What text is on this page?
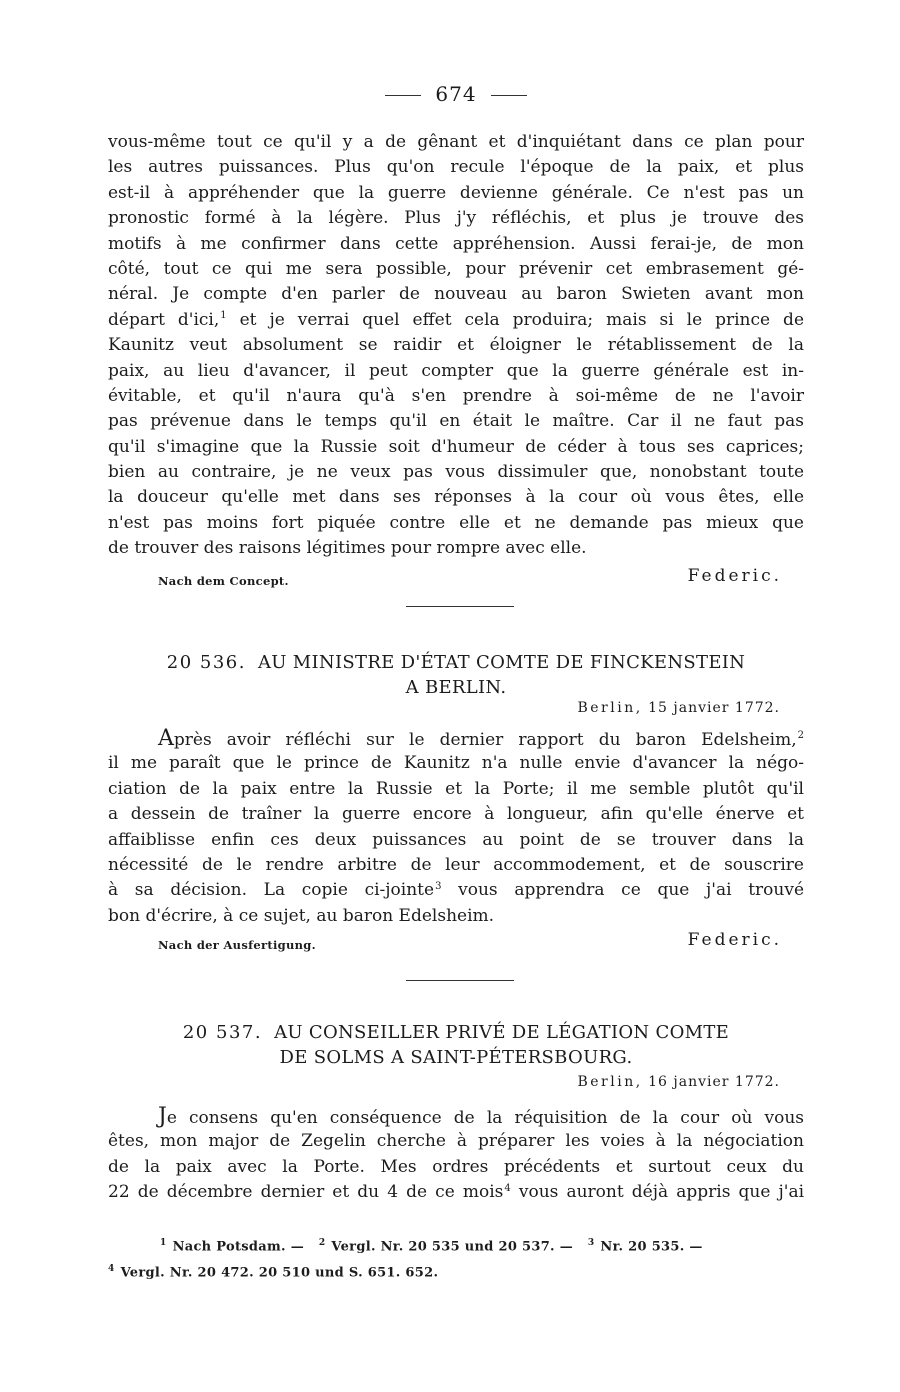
674
vous-même tout ce qu'il y a de gênant et d'inquiétant dans ce plan pour
les autres puissances. Plus qu'on recule l'époque de la paix, et plus
est-il à appréhender que la guerre devienne générale. Ce n'est pas un
pronostic formé à la légère. Plus j'y réfléchis, et plus je trouve des
motifs à me confirmer dans cette appréhension. Aussi ferai-je, de mon
côté, tout ce qui me sera possible, pour prévenir cet embrasement gé-
néral. Je compte d'en parler de nouveau au baron Swieten avant mon
départ d'ici,$^1$ et je verrai quel effet cela produira; mais si le prince de
Kaunitz veut absolument se raidir et éloigner le rétablissement de la
paix, au lieu d'avancer, il peut compter que la guerre générale est in-
évitable, et qu'il n'aura qu'à s'en prendre à soi-même de ne l'avoir
pas prévenue dans le temps qu'il en était le maître. Car il ne faut pas
qu'il s'imagine que la Russie soit d'humeur de céder à tous ses caprices;
bien au contraire, je ne veux pas vous dissimuler que, nonobstant toute
la douceur qu'elle met dans ses réponses à la cour où vous êtes, elle
n'est pas moins fort piquée contre elle et ne demande pas mieux que
de trouver des raisons légitimes pour rompre avec elle.
Nach dem Concept.	Federic.
20 536. AU MINISTRE D'ÉTAT COMTE DE FINCKENSTEIN
A BERLIN.
Berlin, 15 janvier 1772.
Après avoir réfléchi sur le dernier rapport du baron Edelsheim,$^2$
il me paraît que le prince de Kaunitz n'a nulle envie d'avancer la négo-
ciation de la paix entre la Russie et la Porte; il me semble plutôt qu'il
a dessein de traîner la guerre encore à longueur, afin qu'elle énerve et
affaiblisse enfin ces deux puissances au point de se trouver dans la
nécessité de le rendre arbitre de leur accommodement, et de souscrire
à sa décision. La copie ci-jointe$^3$ vous apprendra ce que j'ai trouvé
bon d'écrire, à ce sujet, au baron Edelsheim.
Nach der Ausfertigung.	Federic.
20 537. AU CONSEILLER PRIVÉ DE LÉGATION COMTE
DE SOLMS A SAINT-PÉTERSBOURG.
Berlin, 16 janvier 1772.
Je consens qu'en conséquence de la réquisition de la cour où vous
êtes, mon major de Zegelin cherche à préparer les voies à la négociation
de la paix avec la Porte. Mes ordres précédents et surtout ceux du
22 de décembre dernier et du 4 de ce mois$^4$ vous auront déjà appris que j'ai
$^1$ Nach Potsdam. — $^2$ Vergl. Nr. 20 535 und 20 537. — $^3$ Nr. 20 535. —
$^4$ Vergl. Nr. 20 472. 20 510 und S. 651. 652.
